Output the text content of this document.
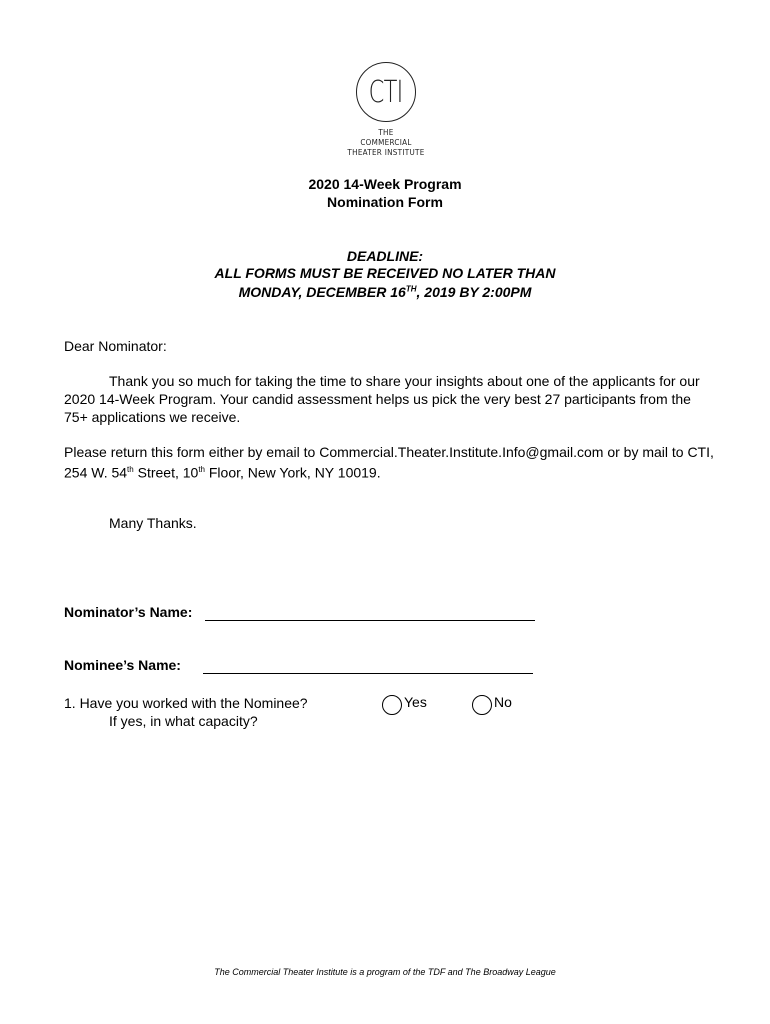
CTI
THE
COMMERCIAL
THEATER INSTITUTE
2020 14-Week Program
Nomination Form
DEADLINE:
ALL FORMS MUST BE RECEIVED NO LATER THAN
MONDAY, DECEMBER 16TH, 2019 BY 2:00PM
Dear Nominator:
Thank you so much for taking the time to share your insights about one of the applicants for our 2020 14-Week Program. Your candid assessment helps us pick the very best 27 participants from the 75+ applications we receive.
Please return this form either by email to Commercial.Theater.Institute.Info@gmail.com or by mail to CTI, 254 W. 54th Street, 10th Floor, New York, NY 10019.
Many Thanks.
Nominator’s Name:
Nominee’s Name:
1. Have you worked with the Nominee?
If yes, in what capacity?
Yes	No
The Commercial Theater Institute is a program of the TDF and The Broadway League
